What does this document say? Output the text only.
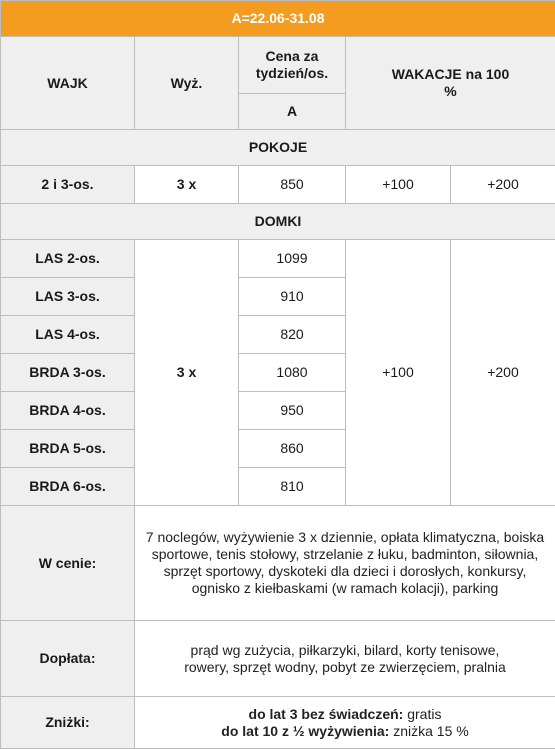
A=22.06-31.08				
WAJK	Wyż.	Cena za tydzień/os.	WAKACJE na 100 %	
		A		
POKOJE				
2 i 3-os.	3 x	850	+100	+200
DOMKI				
LAS 2-os.	3 x	1099	+100	+200
LAS 3-os.		910		
LAS 4-os.		820		
BRDA 3-os.		1080		
BRDA 4-os.		950		
BRDA 5-os.		860		
BRDA 6-os.		810		
W cenie:	7 noclegów, wyżywienie 3 x dziennie, opłata klimatyczna, boiska sportowe, tenis stołowy, strzelanie z łuku, badminton, siłownia, sprzęt sportowy, dyskoteki dla dzieci i dorosłych, konkursy, ognisko z kiełbaskami (w ramach kolacji), parking			
Dopłata:	prąd wg zużycia, piłkarzyki, bilard, korty tenisowe, rowery, sprzęt wodny, pobyt ze zwierzęciem, pralnia			
Zniżki:	do lat 3 bez świadczeń: gratis
do lat 10 z ½ wyżywienia: zniżka 15 %			
